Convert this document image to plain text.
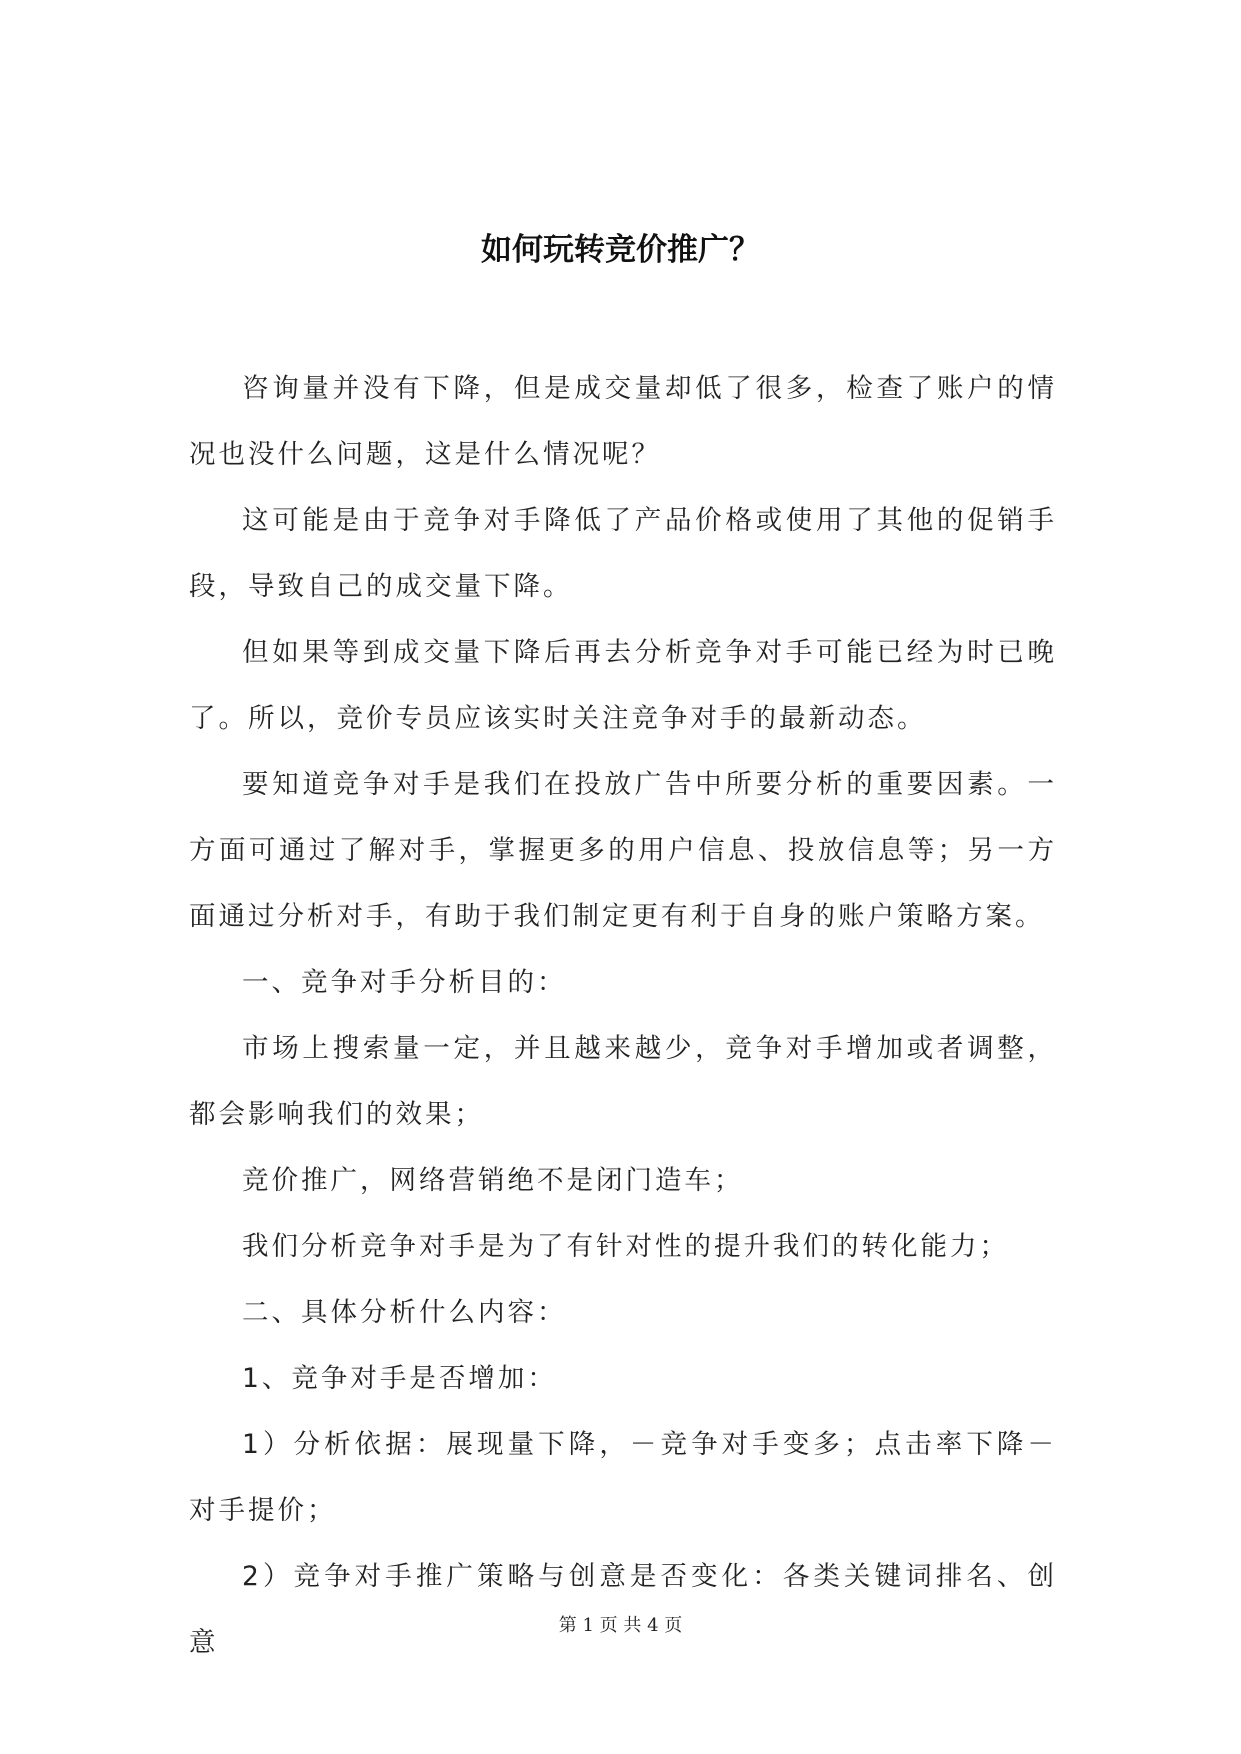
如何玩转竞价推广？

咨询量并没有下降，但是成交量却低了很多，检查了账户的情况也没什么问题，这是什么情况呢？

这可能是由于竞争对手降低了产品价格或使用了其他的促销手段，导致自己的成交量下降。

但如果等到成交量下降后再去分析竞争对手可能已经为时已晚了。所以，竞价专员应该实时关注竞争对手的最新动态。

要知道竞争对手是我们在投放广告中所要分析的重要因素。一方面可通过了解对手，掌握更多的用户信息、投放信息等；另一方面通过分析对手，有助于我们制定更有利于自身的账户策略方案。

一、竞争对手分析目的：

市场上搜索量一定，并且越来越少，竞争对手增加或者调整，都会影响我们的效果；

竞价推广，网络营销绝不是闭门造车；

我们分析竞争对手是为了有针对性的提升我们的转化能力；

二、具体分析什么内容：

1、竞争对手是否增加：

1）分析依据：展现量下降，－竞争对手变多；点击率下降－对手提价；

2）竞争对手推广策略与创意是否变化：各类关键词排名、创意

第 1 页 共 4 页
